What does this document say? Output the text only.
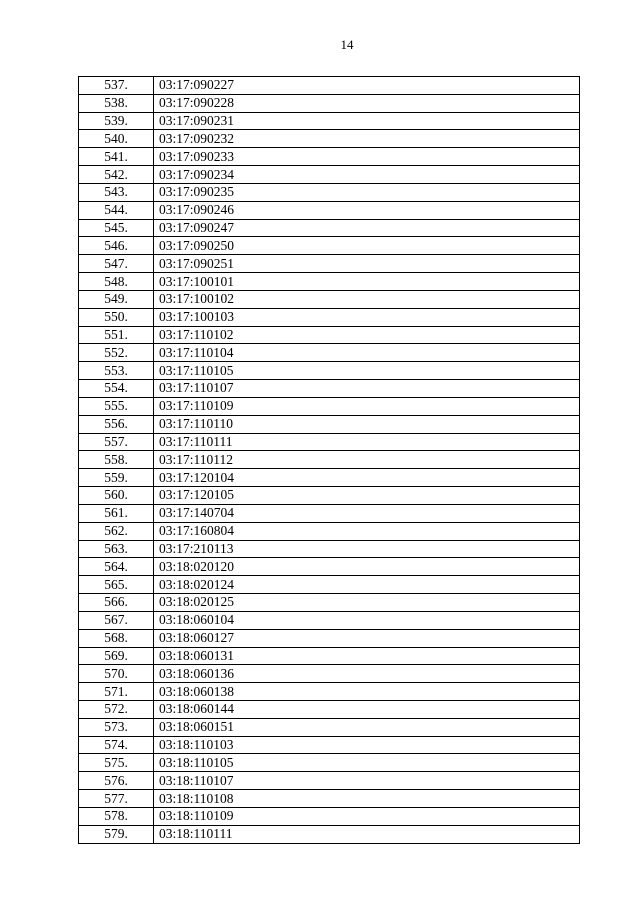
14
537.	03:17:090227
538.	03:17:090228
539.	03:17:090231
540.	03:17:090232
541.	03:17:090233
542.	03:17:090234
543.	03:17:090235
544.	03:17:090246
545.	03:17:090247
546.	03:17:090250
547.	03:17:090251
548.	03:17:100101
549.	03:17:100102
550.	03:17:100103
551.	03:17:110102
552.	03:17:110104
553.	03:17:110105
554.	03:17:110107
555.	03:17:110109
556.	03:17:110110
557.	03:17:110111
558.	03:17:110112
559.	03:17:120104
560.	03:17:120105
561.	03:17:140704
562.	03:17:160804
563.	03:17:210113
564.	03:18:020120
565.	03:18:020124
566.	03:18:020125
567.	03:18:060104
568.	03:18:060127
569.	03:18:060131
570.	03:18:060136
571.	03:18:060138
572.	03:18:060144
573.	03:18:060151
574.	03:18:110103
575.	03:18:110105
576.	03:18:110107
577.	03:18:110108
578.	03:18:110109
579.	03:18:110111
